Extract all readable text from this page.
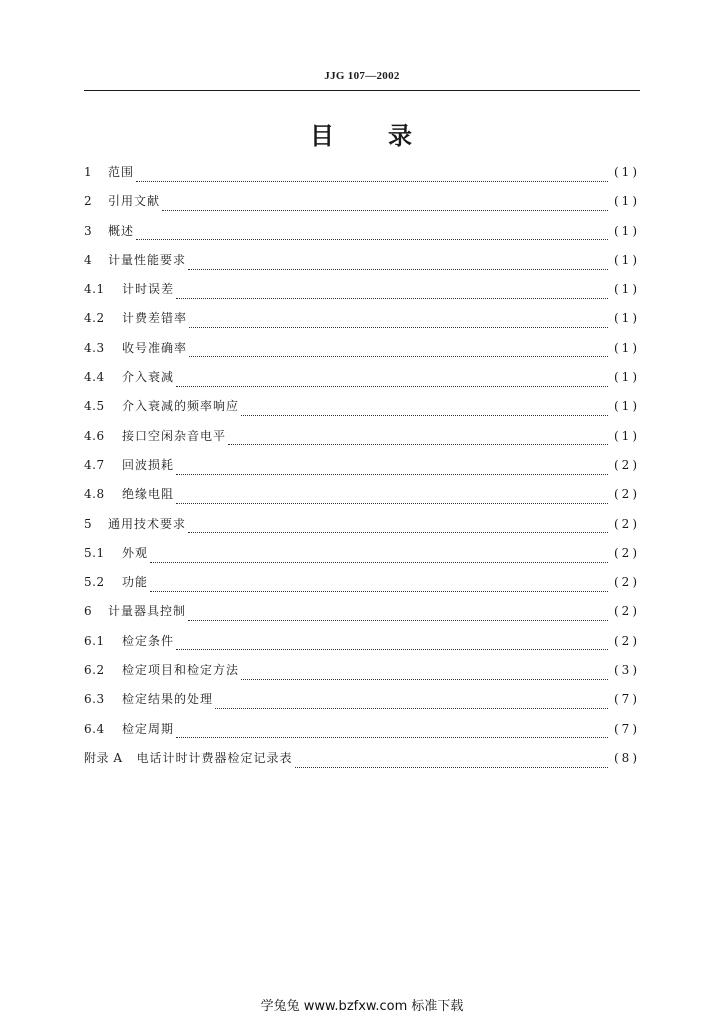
JJG 107—2002
目　　录
1	范围	(1)
2	引用文献	(1)
3	概述	(1)
4	计量性能要求	(1)
4.1	计时误差	(1)
4.2	计费差错率	(1)
4.3	收号准确率	(1)
4.4	介入衰减	(1)
4.5	介入衰减的频率响应	(1)
4.6	接口空闲杂音电平	(1)
4.7	回波损耗	(2)
4.8	绝缘电阻	(2)
5	通用技术要求	(2)
5.1	外观	(2)
5.2	功能	(2)
6	计量器具控制	(2)
6.1	检定条件	(2)
6.2	检定项目和检定方法	(3)
6.3	检定结果的处理	(7)
6.4	检定周期	(7)
附录 A 电话计时计费器检定记录表	(8)
学兔兔 www.bzfxw.com 标准下载
